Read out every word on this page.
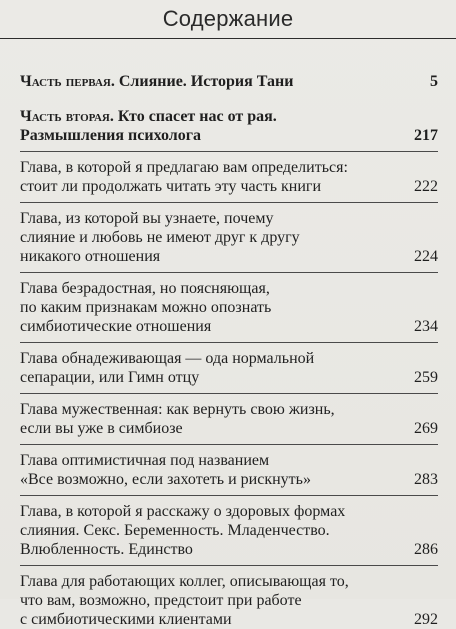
Содержание
Часть первая. Слияние. История Тани	5
Часть вторая. Кто спасет нас от рая.
Размышления психолога	217
Глава, в которой я предлагаю вам определиться:
стоит ли продолжать читать эту часть книги	222
Глава, из которой вы узнаете, почему
слияние и любовь не имеют друг к другу
никакого отношения	224
Глава безрадостная, но поясняющая,
по каким признакам можно опознать
симбиотические отношения	234
Глава обнадеживающая — ода нормальной
сепарации, или Гимн отцу	259
Глава мужественная: как вернуть свою жизнь,
если вы уже в симбиозе	269
Глава оптимистичная под названием
«Все возможно, если захотеть и рискнуть»	283
Глава, в которой я расскажу о здоровых формах
слияния. Секс. Беременность. Младенчество.
Влюбленность. Единство	286
Глава для работающих коллег, описывающая то,
что вам, возможно, предстоит при работе
с симбиотическими клиентами	292
